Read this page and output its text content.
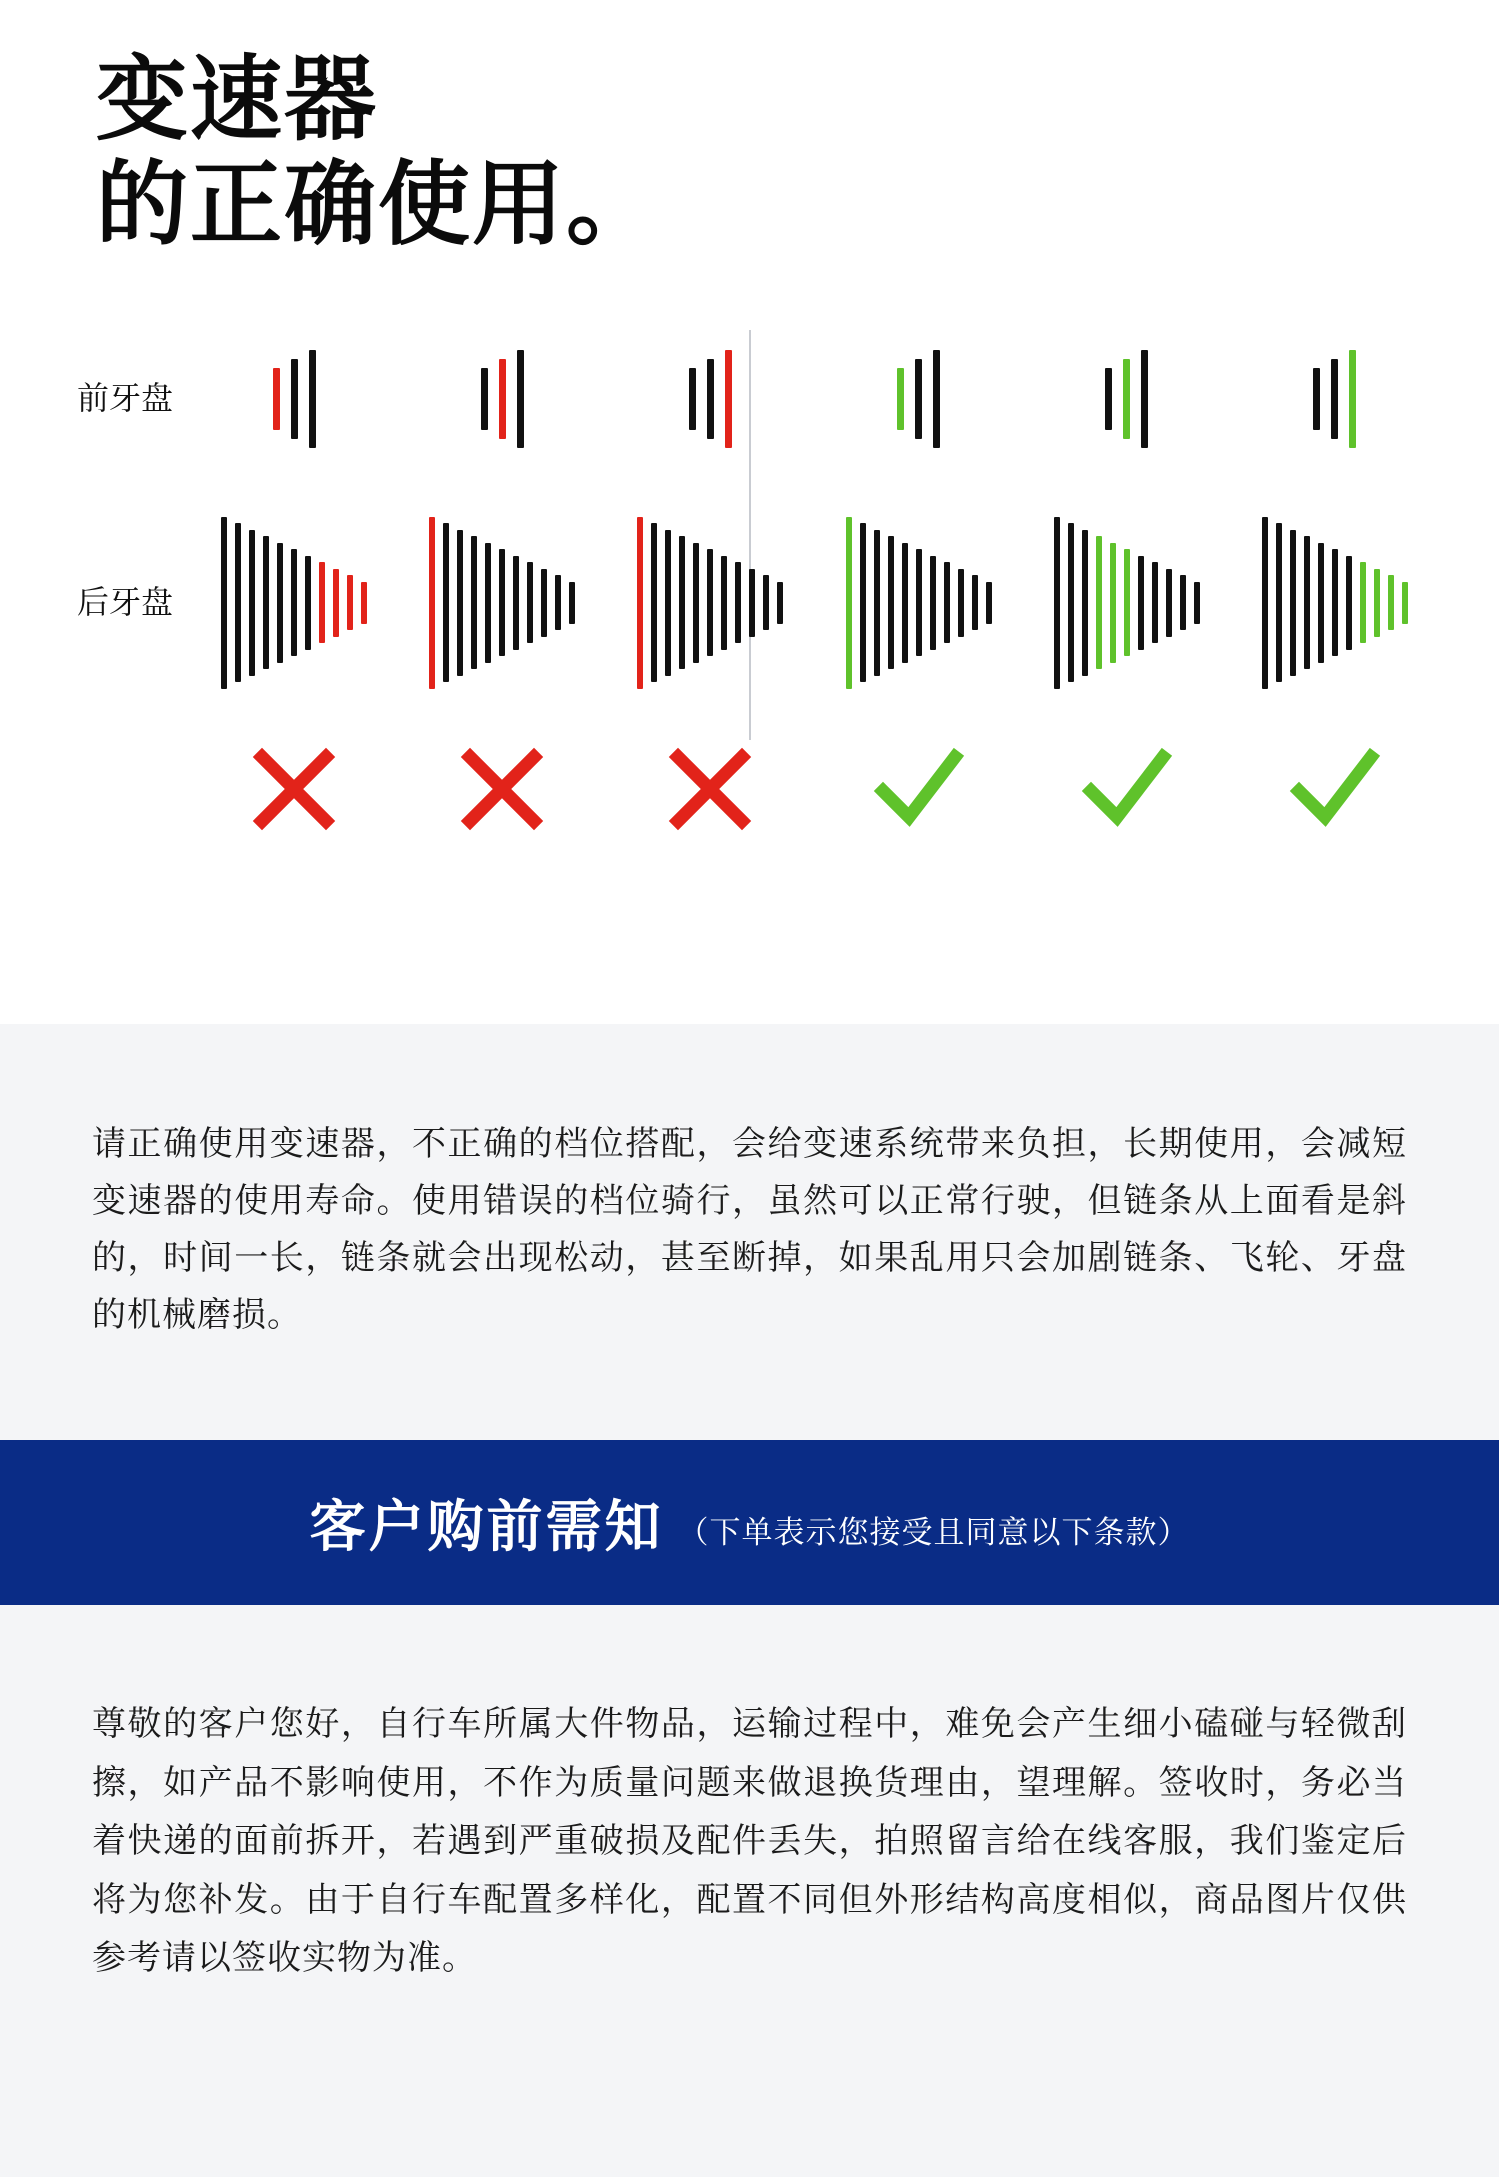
变速器
的正确使用。
前牙盘
后牙盘

请正确使用变速器，不正确的档位搭配，会给变速系统带来负担，长期使用，会减短变速器的使用寿命。使用错误的档位骑行，虽然可以正常行驶，但链条从上面看是斜的，时间一长，链条就会出现松动，甚至断掉，如果乱用只会加剧链条、飞轮、牙盘的机械磨损。

客户购前需知 （下单表示您接受且同意以下条款）

尊敬的客户您好，自行车所属大件物品，运输过程中，难免会产生细小磕碰与轻微刮擦，如产品不影响使用，不作为质量问题来做退换货理由，望理解。签收时，务必当着快递的面前拆开，若遇到严重破损及配件丢失，拍照留言给在线客服，我们鉴定后将为您补发。由于自行车配置多样化，配置不同但外形结构高度相似，商品图片仅供参考请以签收实物为准。
